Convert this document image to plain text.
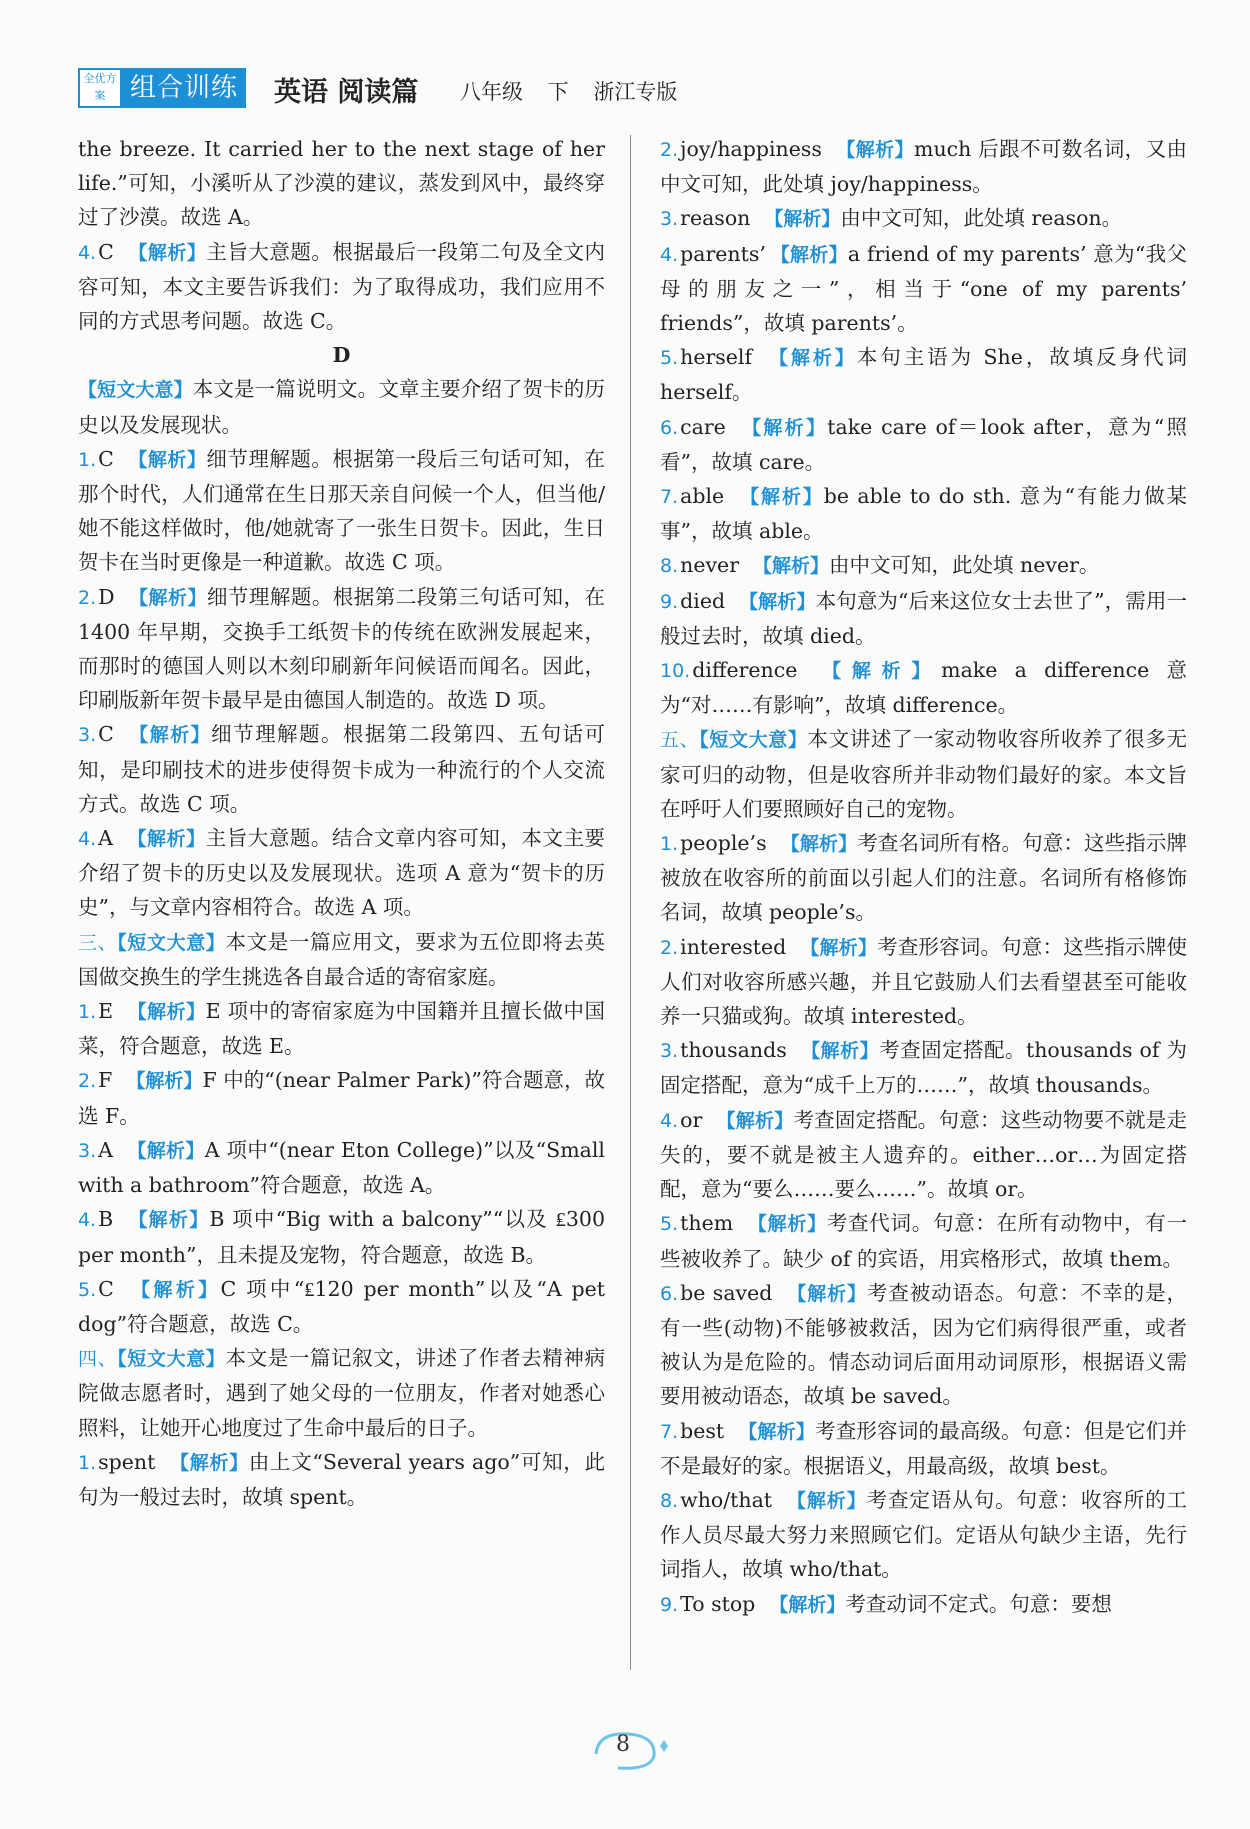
全优方案 组合训练 英语 阅读篇 八年级 下 浙江专版

the breeze. It carried her to the next stage of her life.”可知，小溪听从了沙漠的建议，蒸发到风中，最终穿过了沙漠。故选 A。

4.C 【解析】主旨大意题。根据最后一段第二句及全文内容可知，本文主要告诉我们：为了取得成功，我们应用不同的方式思考问题。故选 C。

D

【短文大意】本文是一篇说明文。文章主要介绍了贺卡的历史以及发展现状。

1.C 【解析】细节理解题。根据第一段后三句话可知，在那个时代，人们通常在生日那天亲自问候一个人，但当他/她不能这样做时，他/她就寄了一张生日贺卡。因此，生日贺卡在当时更像是一种道歉。故选 C 项。

2.D 【解析】细节理解题。根据第二段第三句话可知，在 1400 年早期，交换手工纸贺卡的传统在欧洲发展起来，而那时的德国人则以木刻印刷新年问候语而闻名。因此，印刷版新年贺卡最早是由德国人制造的。故选 D 项。

3.C 【解析】细节理解题。根据第二段第四、五句话可知，是印刷技术的进步使得贺卡成为一种流行的个人交流方式。故选 C 项。

4.A 【解析】主旨大意题。结合文章内容可知，本文主要介绍了贺卡的历史以及发展现状。选项 A 意为“贺卡的历史”，与文章内容相符合。故选 A 项。

三、【短文大意】本文是一篇应用文，要求为五位即将去英国做交换生的学生挑选各自最合适的寄宿家庭。

1.E 【解析】E 项中的寄宿家庭为中国籍并且擅长做中国菜，符合题意，故选 E。

2.F 【解析】F 中的“(near Palmer Park)”符合题意，故选 F。

3.A 【解析】A 项中“(near Eton College)”以及“Small with a bathroom”符合题意，故选 A。

4.B 【解析】B 项中“Big with a balcony”“以及 ₤300 per month”，且未提及宠物，符合题意，故选 B。

5.C 【解析】C 项中“₤120 per month”以及“A pet dog”符合题意，故选 C。

四、【短文大意】本文是一篇记叙文，讲述了作者去精神病院做志愿者时，遇到了她父母的一位朋友，作者对她悉心照料，让她开心地度过了生命中最后的日子。

1.spent 【解析】由上文“Several years ago”可知，此句为一般过去时，故填 spent。

2.joy/happiness 【解析】much 后跟不可数名词，又由中文可知，此处填 joy/happiness。

3.reason 【解析】由中文可知，此处填 reason。

4.parents’ 【解析】a friend of my parents’ 意为“我父母的朋友之一”，相当于“one of my parents’ friends”，故填 parents’。

5.herself 【解析】本句主语为 She，故填反身代词 herself。

6.care 【解析】take care of＝look after，意为“照看”，故填 care。

7.able 【解析】be able to do sth. 意为“有能力做某事”，故填 able。

8.never 【解析】由中文可知，此处填 never。

9.died 【解析】本句意为“后来这位女士去世了”，需用一般过去时，故填 died。

10.difference 【解析】make a difference 意为“对……有影响”，故填 difference。

五、【短文大意】本文讲述了一家动物收容所收养了很多无家可归的动物，但是收容所并非动物们最好的家。本文旨在呼吁人们要照顾好自己的宠物。

1.people’s 【解析】考查名词所有格。句意：这些指示牌被放在收容所的前面以引起人们的注意。名词所有格修饰名词，故填 people’s。

2.interested 【解析】考查形容词。句意：这些指示牌使人们对收容所感兴趣，并且它鼓励人们去看望甚至可能收养一只猫或狗。故填 interested。

3.thousands 【解析】考查固定搭配。thousands of 为固定搭配，意为“成千上万的……”，故填 thousands。

4.or 【解析】考查固定搭配。句意：这些动物要不就是走失的，要不就是被主人遗弃的。either…or…为固定搭配，意为“要么……要么……”。故填 or。

5.them 【解析】考查代词。句意：在所有动物中，有一些被收养了。缺少 of 的宾语，用宾格形式，故填 them。

6.be saved 【解析】考查被动语态。句意：不幸的是，有一些(动物)不能够被救活，因为它们病得很严重，或者被认为是危险的。情态动词后面用动词原形，根据语义需要用被动语态，故填 be saved。

7.best 【解析】考查形容词的最高级。句意：但是它们并不是最好的家。根据语义，用最高级，故填 best。

8.who/that 【解析】考查定语从句。句意：收容所的工作人员尽最大努力来照顾它们。定语从句缺少主语，先行词指人，故填 who/that。

9.To stop 【解析】考查动词不定式。句意：要想

8
